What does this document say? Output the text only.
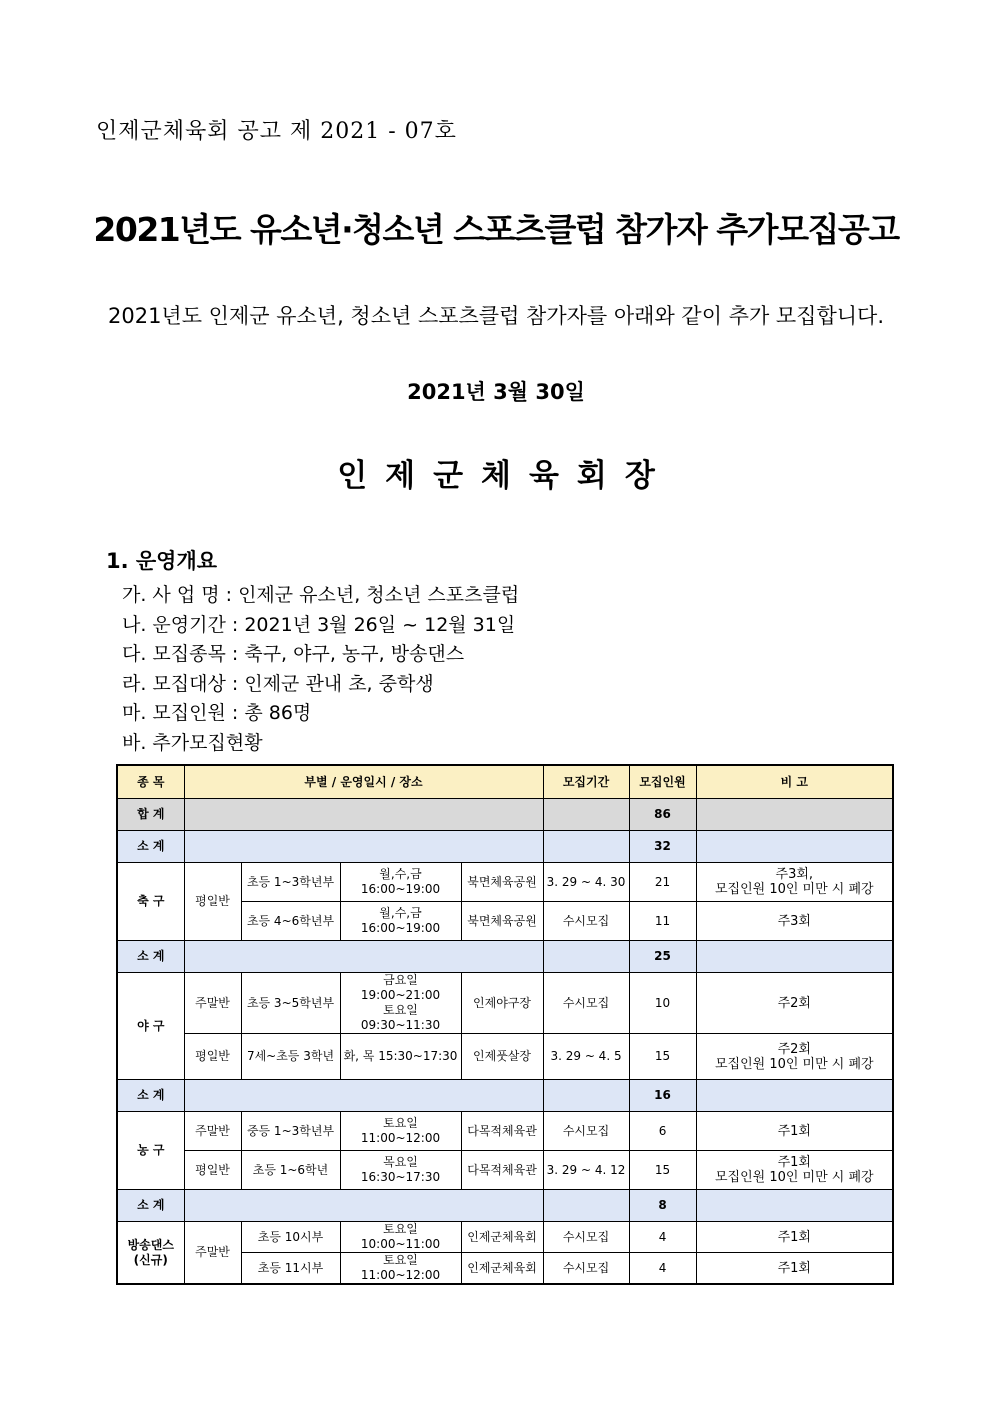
인제군체육회 공고 제 2021 - 07호
2021년도 유소년·청소년 스포츠클럽 참가자 추가모집공고
2021년도 인제군 유소년, 청소년 스포츠클럽 참가자를 아래와 같이 추가 모집합니다.
2021년 3월 30일
인제군체육회장
1. 운영개요
가. 사 업 명 : 인제군 유소년, 청소년 스포츠클럽
나. 운영기간 : 2021년 3월 26일 ~ 12월 31일
다. 모집종목 : 축구, 야구, 농구, 방송댄스
라. 모집대상 : 인제군 관내 초, 중학생
마. 모집인원 : 총 86명
바. 추가모집현황
종 목	부별 / 운영일시 / 장소				모집기간	모집인원	비 고
합 계						86	
소 계						32	
축 구	평일반	초등 1~3학년부	월,수,금 16:00~19:00	북면체육공원	3. 29 ~ 4. 30	21	주3회,
모집인원 10인 미만 시 폐강

		초등 4~6학년부	월,수,금 16:00~19:00	북면체육공원	수시모집	11	주3회
소 계						25	
야 구	주말반	초등 3~5학년부	금요일 19:00~21:00
토요일 09:30~11:30	인제야구장	수시모집	10	주2회
	평일반	7세~초등 3학년	화, 목 15:30~17:30	인제풋살장	3. 29 ~ 4. 5	15	주2회
모집인원 10인 미만 시 폐강

소 계						16	
농 구	주말반	중등 1~3학년부	토요일 11:00~12:00	다목적체육관	수시모집	6	주1회
	평일반	초등 1~6학년	목요일 16:30~17:30	다목적체육관	3. 29 ~ 4. 12	15	주1회
모집인원 10인 미만 시 폐강

소 계						8	

방송댄스
(신규)	주말반	초등 10시부	토요일 10:00~11:00	인제군체육회	수시모집	4	주1회
		초등 11시부	토요일 11:00~12:00	인제군체육회	수시모집	4	주1회
